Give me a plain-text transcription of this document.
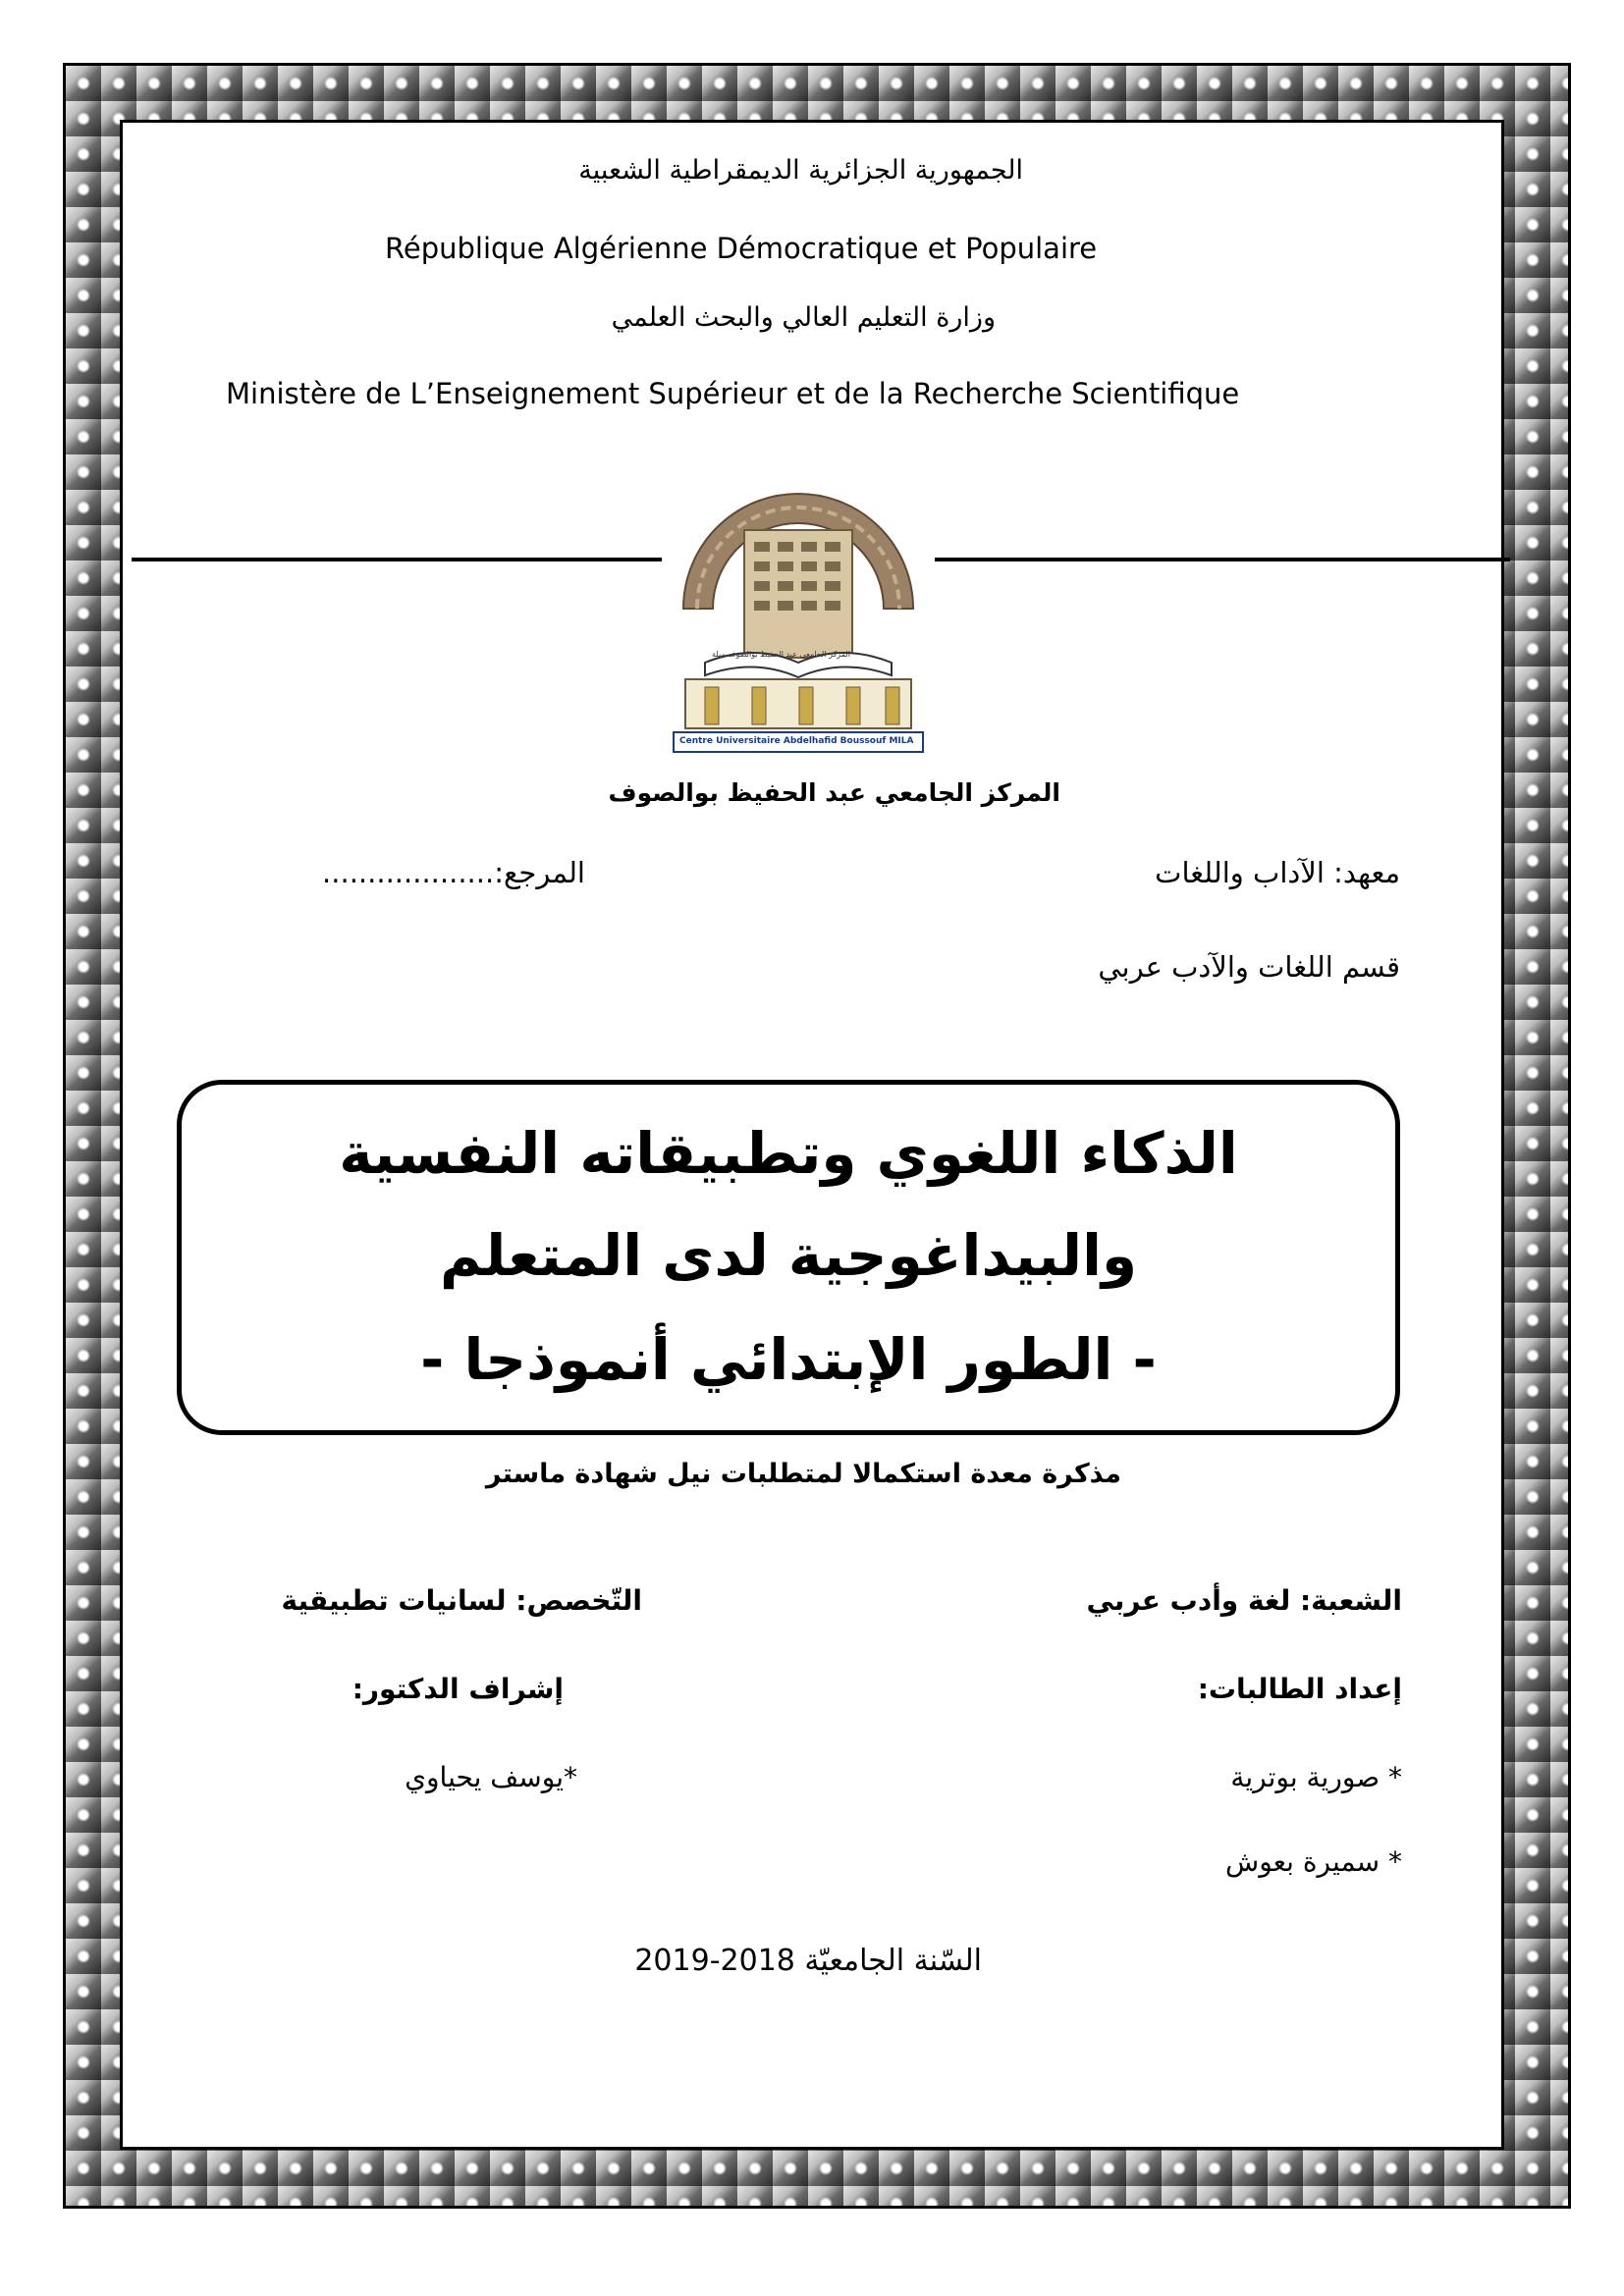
الجمهورية الجزائرية الديمقراطية الشعبية
République Algérienne Démocratique et Populaire
وزارة التعليم العالي والبحث العلمي
Ministère de L’Enseignement Supérieur et de la Recherche Scientifique
المركز الجامعي عبد الحفيظ بوالصوف ميلة
Centre Universitaire Abdelhafid Boussouf MILA
المركز الجامعي عبد الحفيظ بوالصوف
معهد: الآداب واللغات
المرجع:...................
قسم اللغات والآدب عربي
الذكاء اللغوي وتطبيقاته النفسية
والبيداغوجية لدى المتعلم
- الطور الإبتدائي أنموذجا -
مذكرة معدة استكمالا لمتطلبات نيل شهادة ماستر
الشعبة: لغة وأدب عربي
التّخصص: لسانيات تطبيقية
إعداد الطالبات:
إشراف الدكتور:
* صورية بوترية
*يوسف يحياوي
* سميرة بعوش
السّنة الجامعيّة 2018-2019
